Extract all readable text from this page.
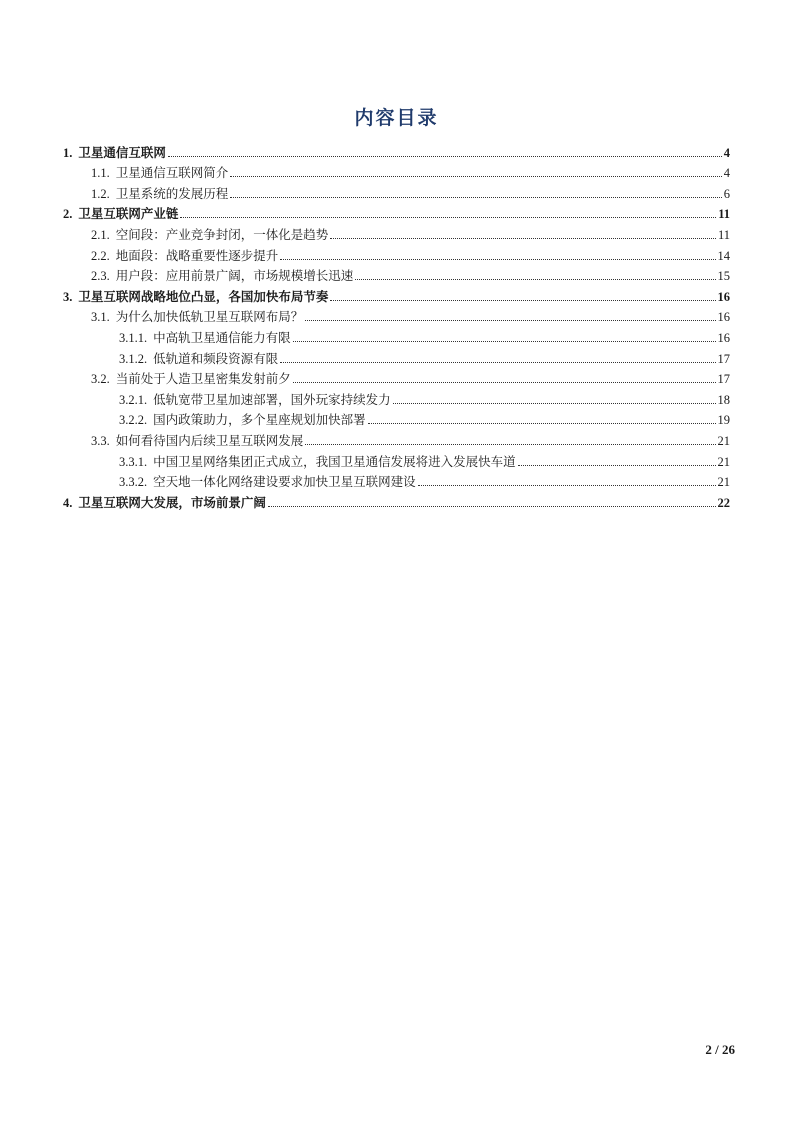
内容目录
1. 卫星通信互联网	4
1.1. 卫星通信互联网简介	4
1.2. 卫星系统的发展历程	6
2. 卫星互联网产业链	11
2.1. 空间段：产业竞争封闭，一体化是趋势	11
2.2. 地面段：战略重要性逐步提升	14
2.3. 用户段：应用前景广阔，市场规模增长迅速	15
3. 卫星互联网战略地位凸显，各国加快布局节奏	16
3.1. 为什么加快低轨卫星互联网布局？	16
3.1.1. 中高轨卫星通信能力有限	16
3.1.2. 低轨道和频段资源有限	17
3.2. 当前处于人造卫星密集发射前夕	17
3.2.1. 低轨宽带卫星加速部署，国外玩家持续发力	18
3.2.2. 国内政策助力，多个星座规划加快部署	19
3.3. 如何看待国内后续卫星互联网发展	21
3.3.1. 中国卫星网络集团正式成立，我国卫星通信发展将进入发展快车道	21
3.3.2. 空天地一体化网络建设要求加快卫星互联网建设	21
4. 卫星互联网大发展，市场前景广阔	22
2 / 26
